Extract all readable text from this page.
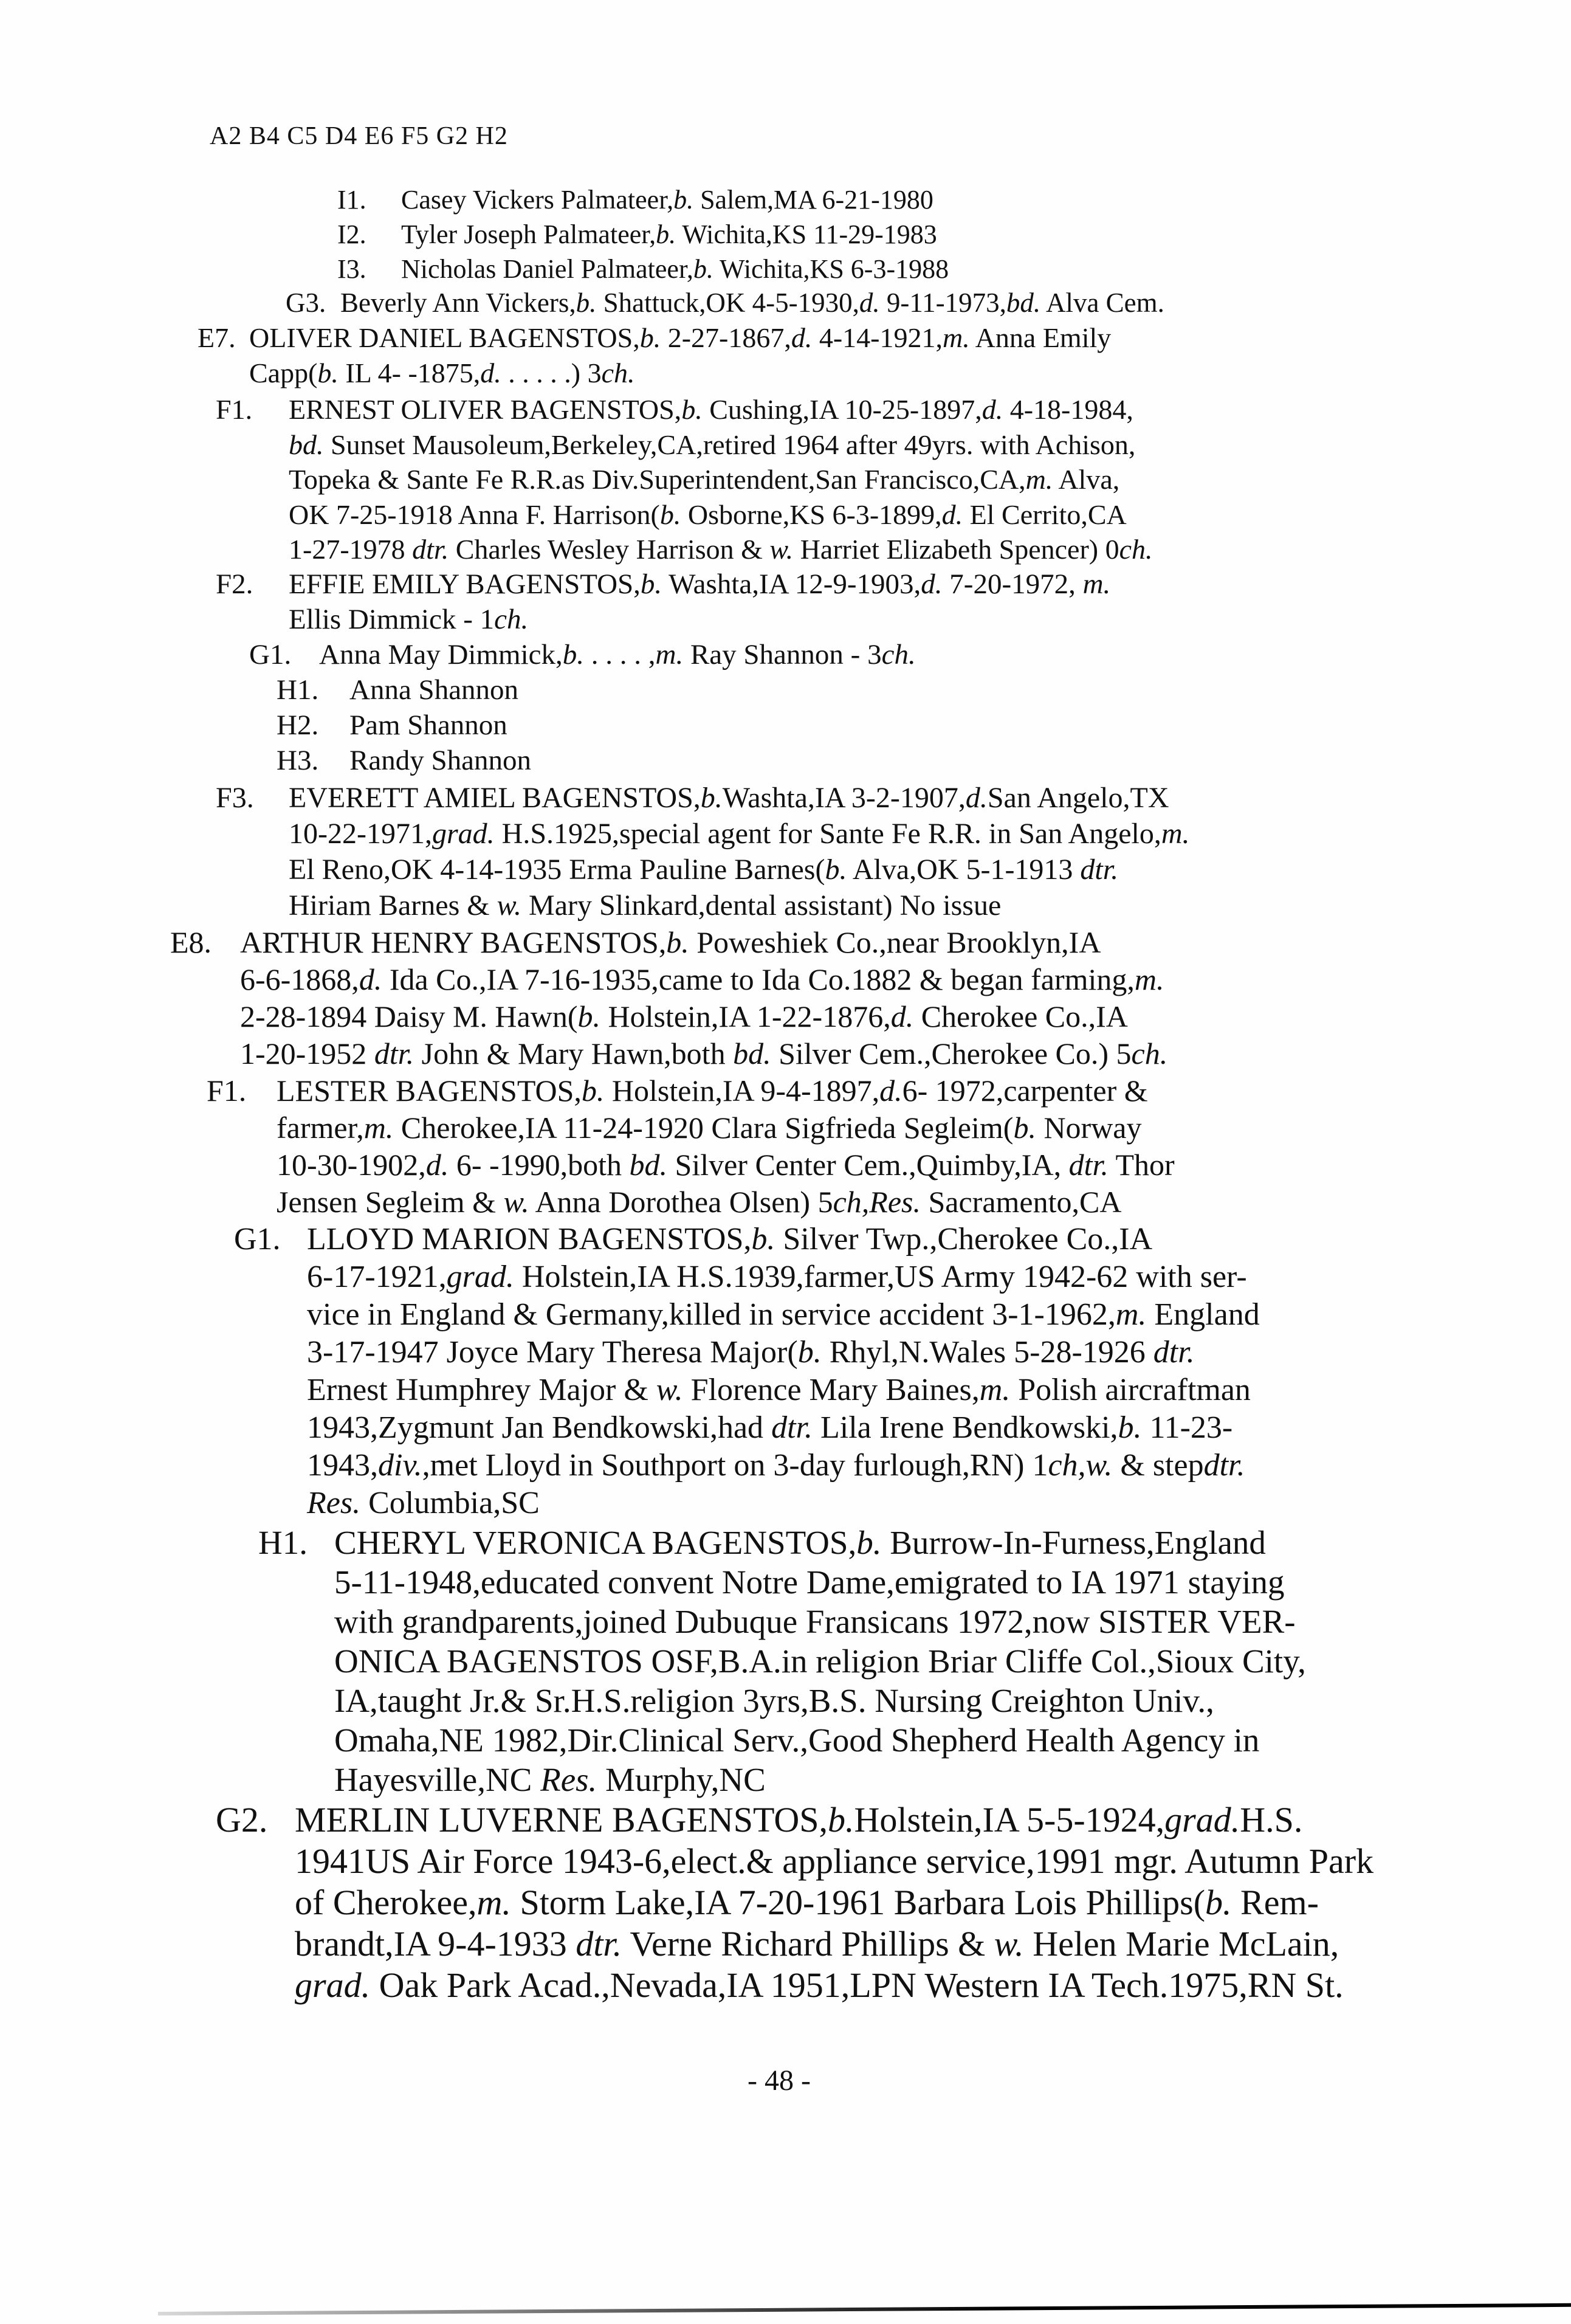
A2 B4 C5 D4 E6 F5 G2 H2
I1. Casey Vickers Palmateer,b. Salem,MA 6-21-1980
I2. Tyler Joseph Palmateer,b. Wichita,KS 11-29-1983
I3. Nicholas Daniel Palmateer,b. Wichita,KS 6-3-1988
G3. Beverly Ann Vickers,b. Shattuck,OK 4-5-1930,d. 9-11-1973,bd. Alva Cem.
E7. OLIVER DANIEL BAGENSTOS,b. 2-27-1867,d. 4-14-1921,m. Anna Emily
Capp(b. IL 4- -1875,d. . . . . .) 3ch.
F1. ERNEST OLIVER BAGENSTOS,b. Cushing,IA 10-25-1897,d. 4-18-1984,
bd. Sunset Mausoleum,Berkeley,CA,retired 1964 after 49yrs. with Achison,
Topeka & Sante Fe R.R.as Div.Superintendent,San Francisco,CA,m. Alva,
OK 7-25-1918 Anna F. Harrison(b. Osborne,KS 6-3-1899,d. El Cerrito,CA
1-27-1978 dtr. Charles Wesley Harrison & w. Harriet Elizabeth Spencer) 0ch.
F2. EFFIE EMILY BAGENSTOS,b. Washta,IA 12-9-1903,d. 7-20-1972, m.
Ellis Dimmick - 1ch.
G1. Anna May Dimmick,b. . . . . ,m. Ray Shannon - 3ch.
H1. Anna Shannon
H2. Pam Shannon
H3. Randy Shannon
F3. EVERETT AMIEL BAGENSTOS,b.Washta,IA 3-2-1907,d.San Angelo,TX
10-22-1971,grad. H.S.1925,special agent for Sante Fe R.R. in San Angelo,m.
El Reno,OK 4-14-1935 Erma Pauline Barnes(b. Alva,OK 5-1-1913 dtr.
Hiriam Barnes & w. Mary Slinkard,dental assistant) No issue
E8. ARTHUR HENRY BAGENSTOS,b. Poweshiek Co.,near Brooklyn,IA
6-6-1868,d. Ida Co.,IA 7-16-1935,came to Ida Co.1882 & began farming,m.
2-28-1894 Daisy M. Hawn(b. Holstein,IA 1-22-1876,d. Cherokee Co.,IA
1-20-1952 dtr. John & Mary Hawn,both bd. Silver Cem.,Cherokee Co.) 5ch.
F1. LESTER BAGENSTOS,b. Holstein,IA 9-4-1897,d.6- 1972,carpenter &
farmer,m. Cherokee,IA 11-24-1920 Clara Sigfrieda Segleim(b. Norway
10-30-1902,d. 6- -1990,both bd. Silver Center Cem.,Quimby,IA, dtr. Thor
Jensen Segleim & w. Anna Dorothea Olsen) 5ch,Res. Sacramento,CA
G1. LLOYD MARION BAGENSTOS,b. Silver Twp.,Cherokee Co.,IA
6-17-1921,grad. Holstein,IA H.S.1939,farmer,US Army 1942-62 with ser-
vice in England & Germany,killed in service accident 3-1-1962,m. England
3-17-1947 Joyce Mary Theresa Major(b. Rhyl,N.Wales 5-28-1926 dtr.
Ernest Humphrey Major & w. Florence Mary Baines,m. Polish aircraftman
1943,Zygmunt Jan Bendkowski,had dtr. Lila Irene Bendkowski,b. 11-23-
1943,div.,met Lloyd in Southport on 3-day furlough,RN) 1ch,w. & stepdtr.
Res. Columbia,SC
H1. CHERYL VERONICA BAGENSTOS,b. Burrow-In-Furness,England
5-11-1948,educated convent Notre Dame,emigrated to IA 1971 staying
with grandparents,joined Dubuque Fransicans 1972,now SISTER VER-
ONICA BAGENSTOS OSF,B.A.in religion Briar Cliffe Col.,Sioux City,
IA,taught Jr.& Sr.H.S.religion 3yrs,B.S. Nursing Creighton Univ.,
Omaha,NE 1982,Dir.Clinical Serv.,Good Shepherd Health Agency in
Hayesville,NC Res. Murphy,NC
G2. MERLIN LUVERNE BAGENSTOS,b.Holstein,IA 5-5-1924,grad.H.S.
1941US Air Force 1943-6,elect.& appliance service,1991 mgr. Autumn Park
of Cherokee,m. Storm Lake,IA 7-20-1961 Barbara Lois Phillips(b. Rem-
brandt,IA 9-4-1933 dtr. Verne Richard Phillips & w. Helen Marie McLain,
grad. Oak Park Acad.,Nevada,IA 1951,LPN Western IA Tech.1975,RN St.
- 48 -
